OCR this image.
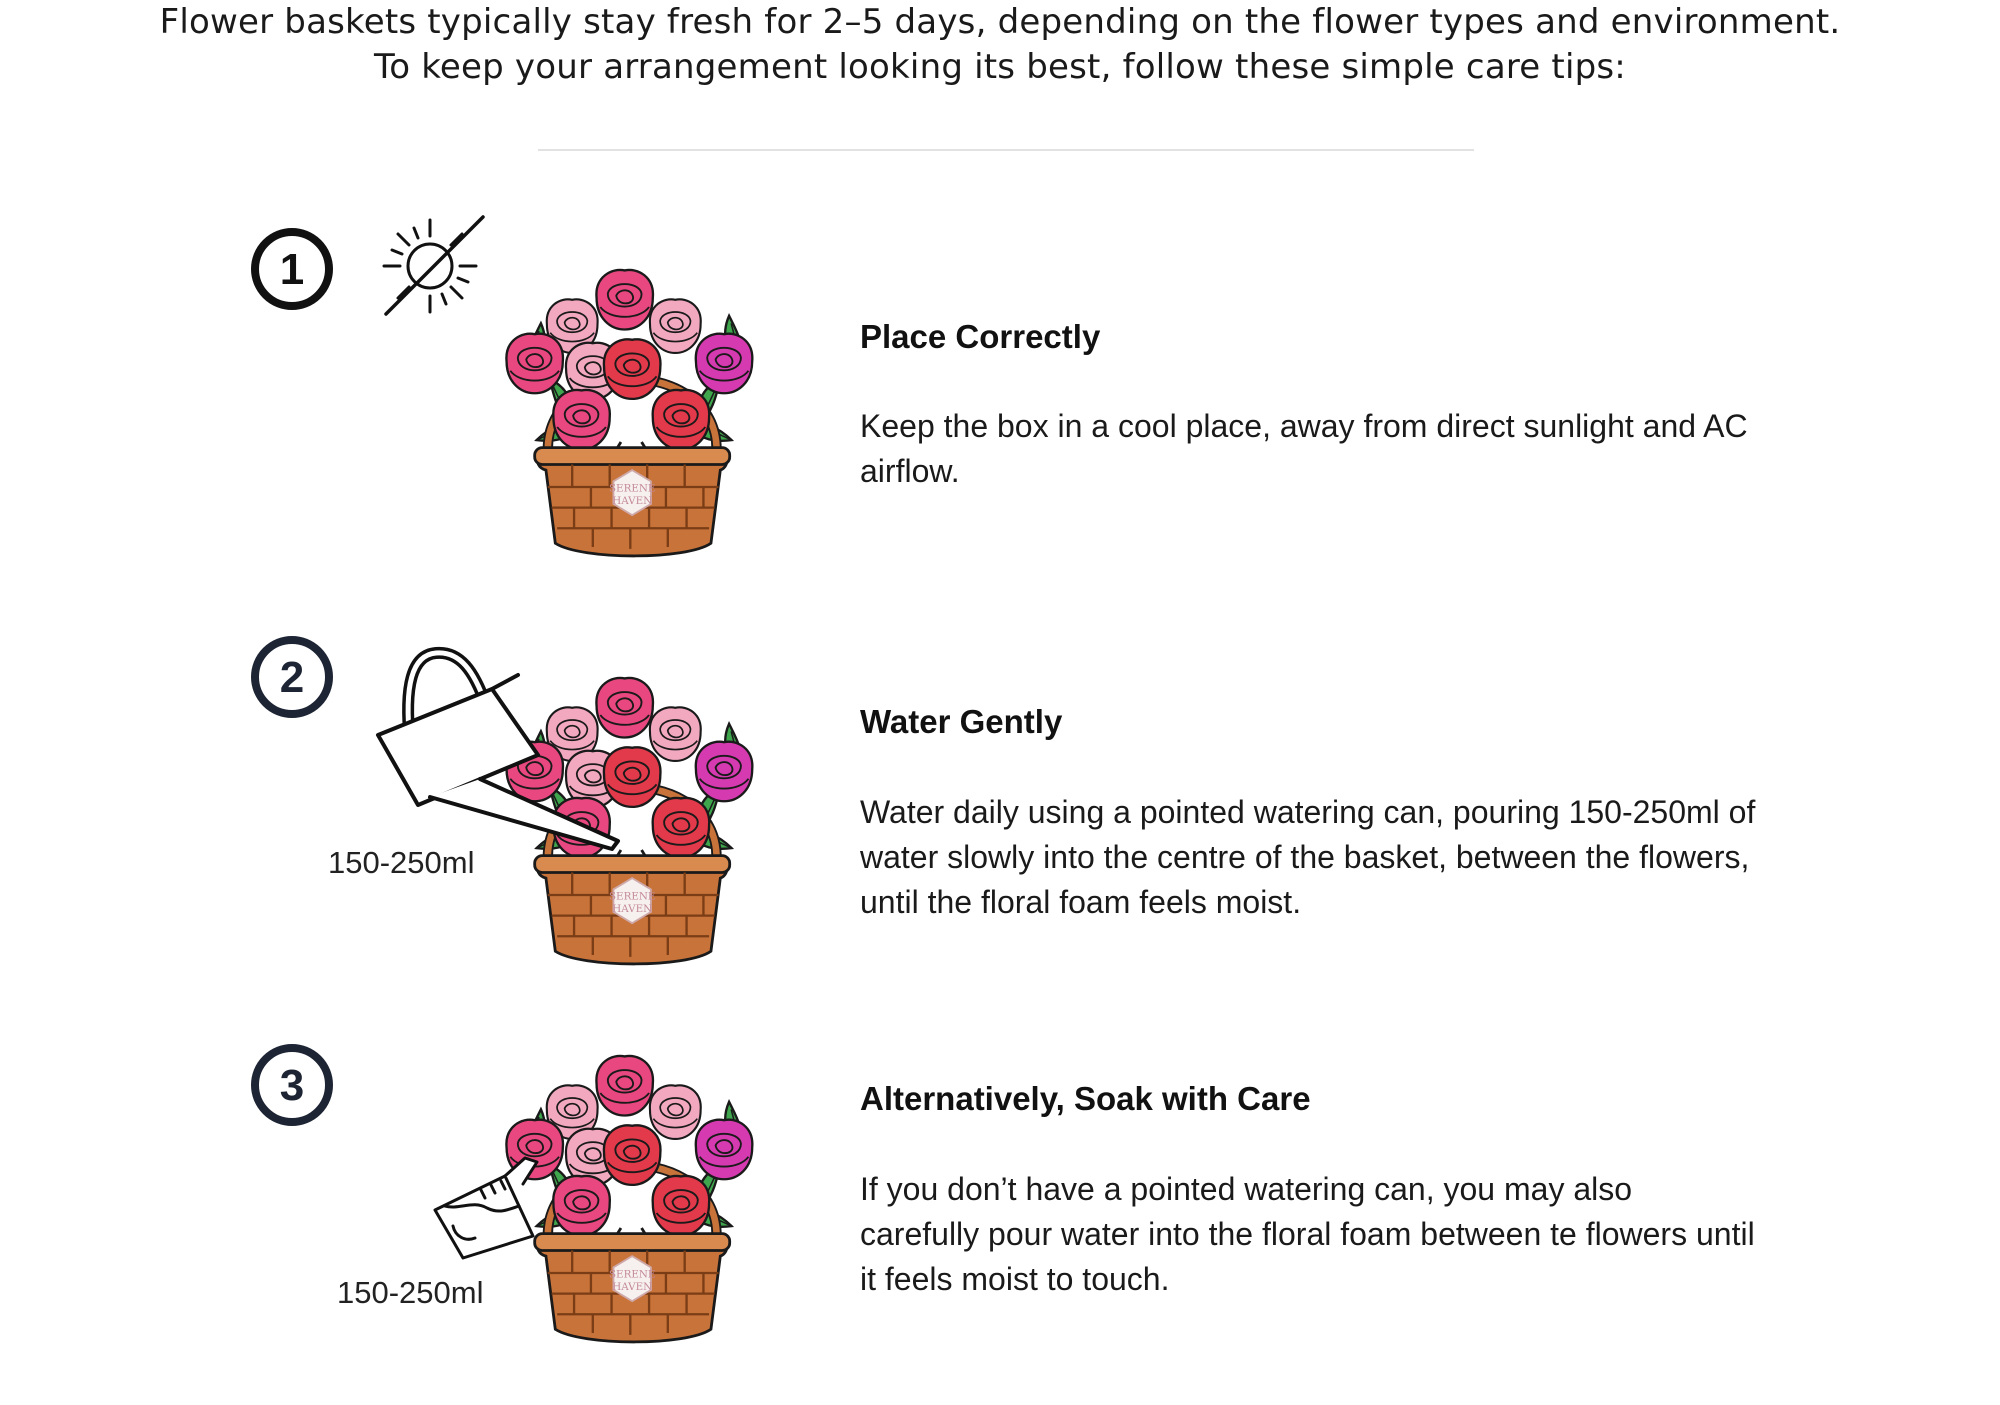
Flower baskets typically stay fresh for 2–5 days, depending on the flower types and environment.

To keep your arrangement looking its best, follow these simple care tips:

1
SERENE
HAVEN
Place Correctly
Keep the box in a cool place, away from direct sunlight and AC airflow.
2
SERENE
HAVEN
150-250ml
Water Gently
Water daily using a pointed watering can, pouring 150-250ml of water slowly into the centre of the basket, between the flowers, until the floral foam feels moist.
3
SERENE
HAVEN
150-250ml
Alternatively, Soak with Care
If you don’t have a pointed watering can, you may also carefully pour water into the floral foam between te flowers until it feels moist to touch.
